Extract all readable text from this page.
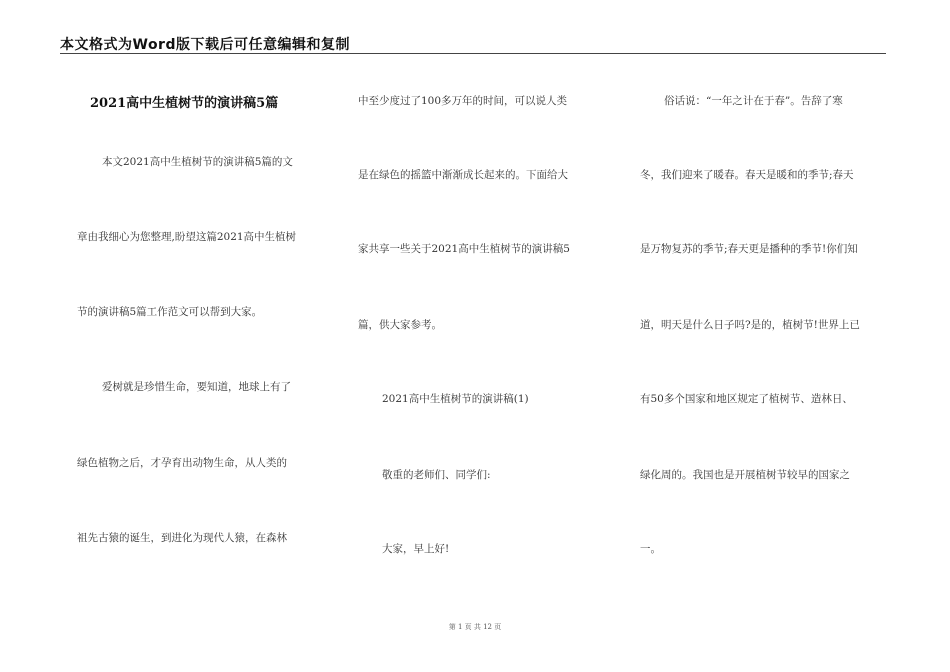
本文格式为Word版下载后可任意编辑和复制
2021高中生植树节的演讲稿5篇
本文2021高中生植树节的演讲稿5篇的文
章由我细心为您整理,盼望这篇2021高中生植树
节的演讲稿5篇工作范文可以帮到大家。
爱树就是珍惜生命，要知道，地球上有了
绿色植物之后，才孕育出动物生命，从人类的
祖先古猿的诞生，到进化为现代人猿，在森林
中至少度过了100多万年的时间，可以说人类
是在绿色的摇篮中渐渐成长起来的。下面给大
家共享一些关于2021高中生植树节的演讲稿5
篇，供大家参考。
2021高中生植树节的演讲稿(1)
敬重的老师们、同学们:
大家，早上好!
俗话说：“一年之计在于春”。告辞了寒
冬，我们迎来了暖春。春天是暖和的季节;春天
是万物复苏的季节;春天更是播种的季节!你们知
道，明天是什么日子吗?是的，植树节!世界上已
有50多个国家和地区规定了植树节、造林日、
绿化周的。我国也是开展植树节较早的国家之
一。
第 1 页 共 12 页
